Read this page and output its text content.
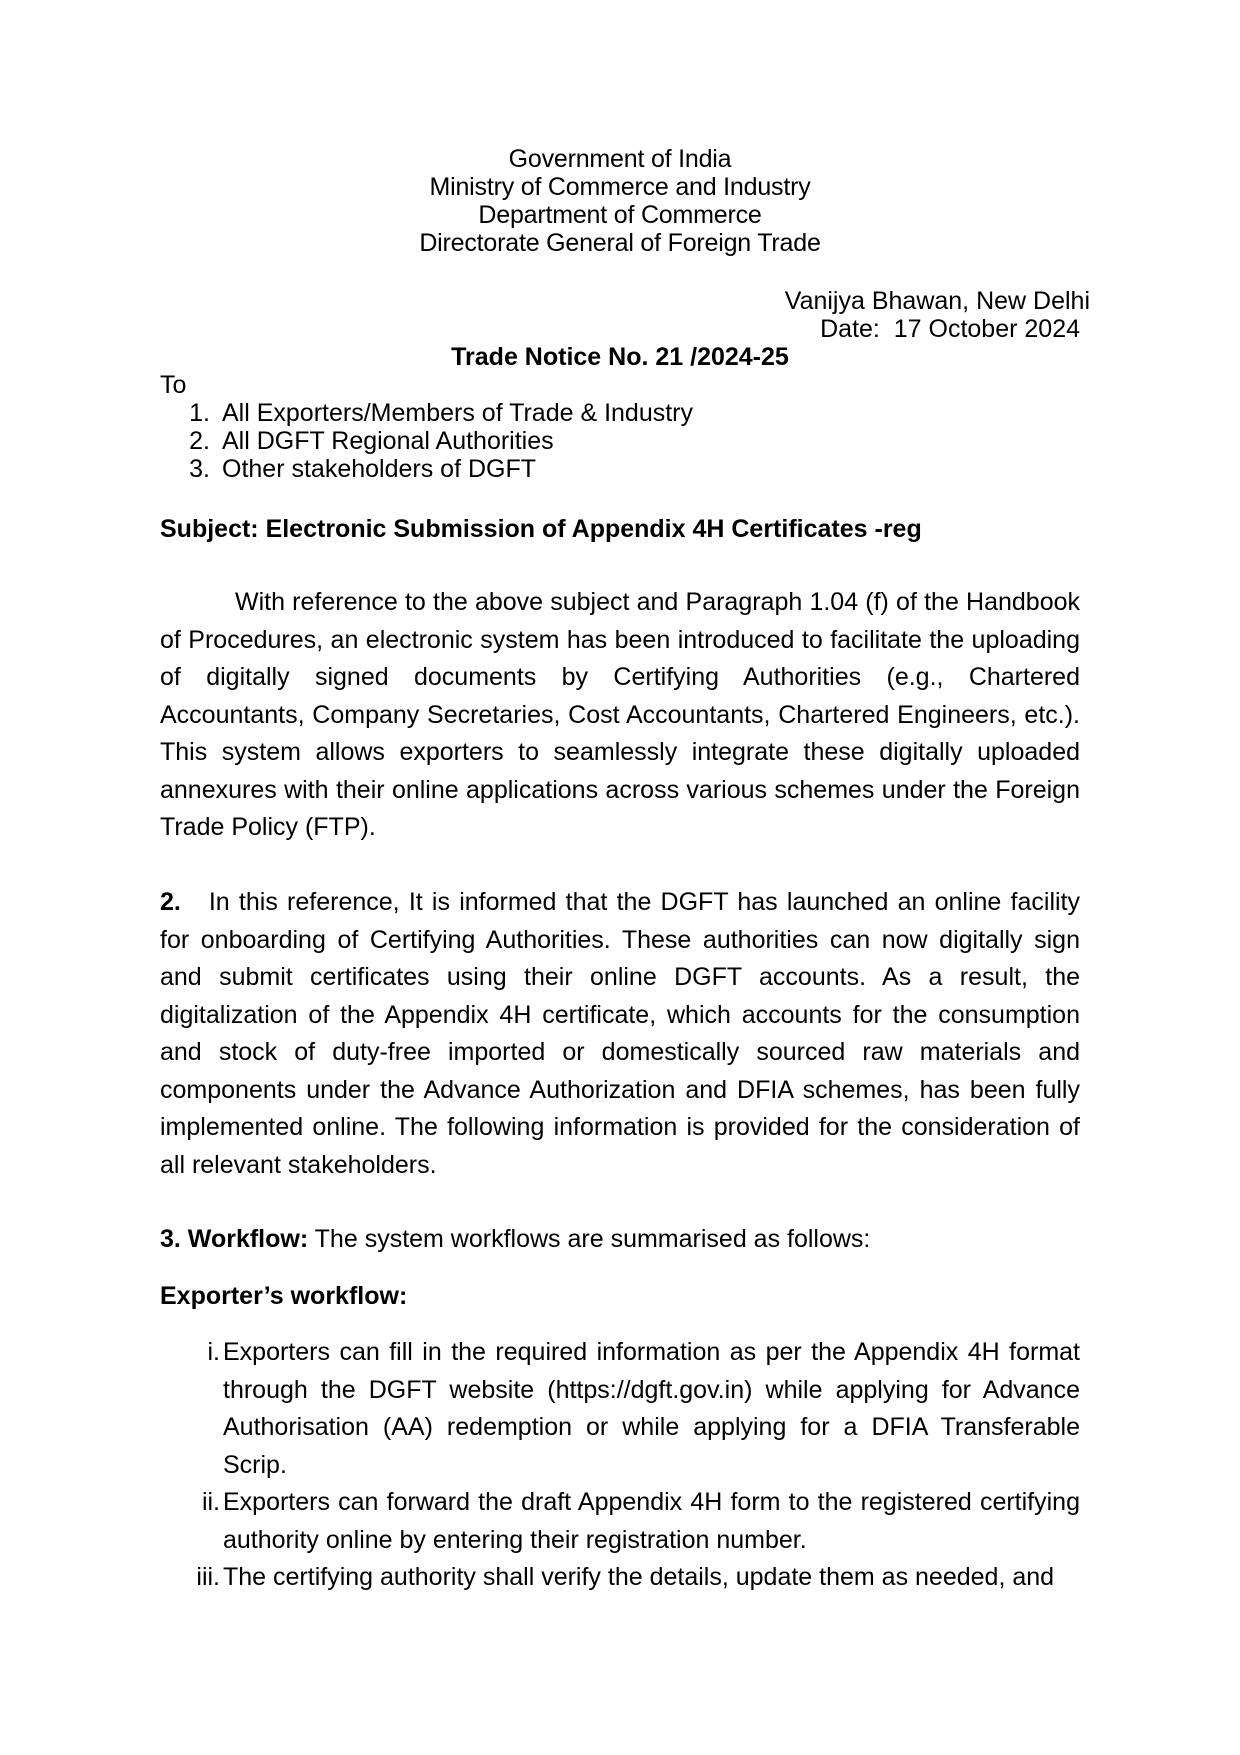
Government of India
Ministry of Commerce and Industry
Department of Commerce
Directorate General of Foreign Trade
Vanijya Bhawan, New Delhi
Date:  17 October 2024
Trade Notice No. 21 /2024-25
To
1. All Exporters/Members of Trade & Industry
2. All DGFT Regional Authorities
3. Other stakeholders of DGFT
Subject: Electronic Submission of Appendix 4H Certificates -reg
With reference to the above subject and Paragraph 1.04 (f) of the Handbook of Procedures, an electronic system has been introduced to facilitate the uploading of digitally signed documents by Certifying Authorities (e.g., Chartered Accountants, Company Secretaries, Cost Accountants, Chartered Engineers, etc.). This system allows exporters to seamlessly integrate these digitally uploaded annexures with their online applications across various schemes under the Foreign Trade Policy (FTP).
2. In this reference, It is informed that the DGFT has launched an online facility for onboarding of Certifying Authorities. These authorities can now digitally sign and submit certificates using their online DGFT accounts. As a result, the digitalization of the Appendix 4H certificate, which accounts for the consumption and stock of duty-free imported or domestically sourced raw materials and components under the Advance Authorization and DFIA schemes, has been fully implemented online. The following information is provided for the consideration of all relevant stakeholders.
3. Workflow: The system workflows are summarised as follows:
Exporter’s workflow:
i. Exporters can fill in the required information as per the Appendix 4H format through the DGFT website (https://dgft.gov.in) while applying for Advance Authorisation (AA) redemption or while applying for a DFIA Transferable Scrip.
ii. Exporters can forward the draft Appendix 4H form to the registered certifying authority online by entering their registration number.
iii. The certifying authority shall verify the details, update them as needed, and
